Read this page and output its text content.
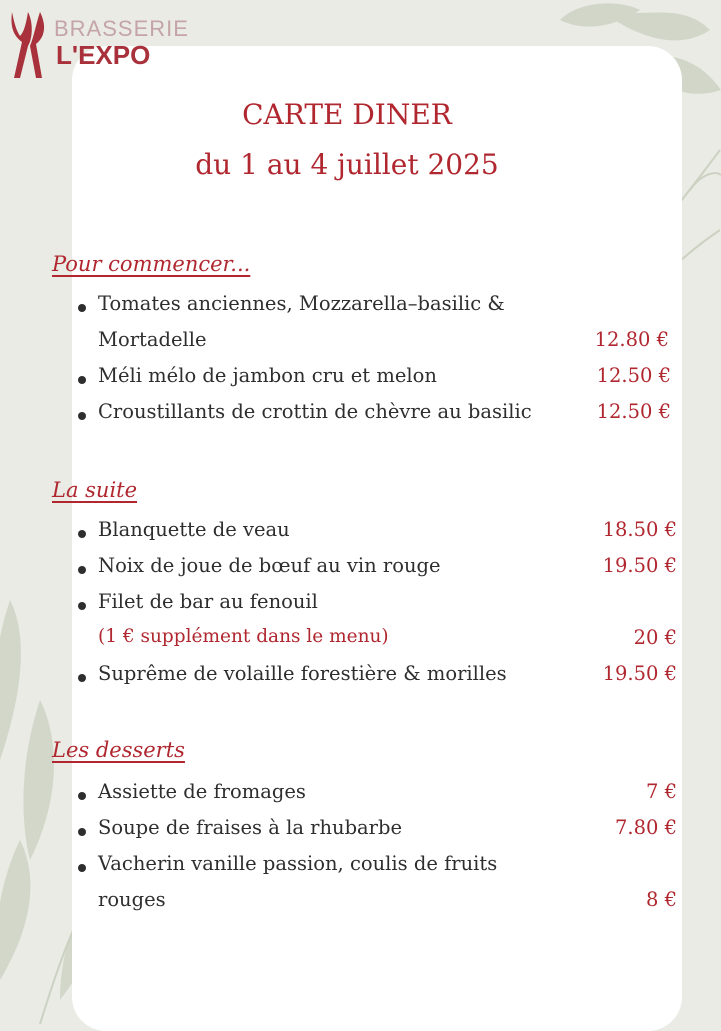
BRASSERIE
L'EXPO
CARTE DINER
du 1 au 4 juillet 2025
Pour commencer...
Tomates anciennes, Mozzarella–basilic &
Mortadelle	12.80 €
Méli mélo de jambon cru et melon	12.50 €
Croustillants de crottin de chèvre au basilic	12.50 €
La suite
Blanquette de veau	18.50 €
Noix de joue de bœuf au vin rouge	19.50 €
Filet de bar au fenouil
(1 € supplément dans le menu)	20 €
Suprême de volaille forestière & morilles	19.50 €
Les desserts
Assiette de fromages	7 €
Soupe de fraises à la rhubarbe	7.80 €
Vacherin vanille passion, coulis de fruits
rouges	8 €
